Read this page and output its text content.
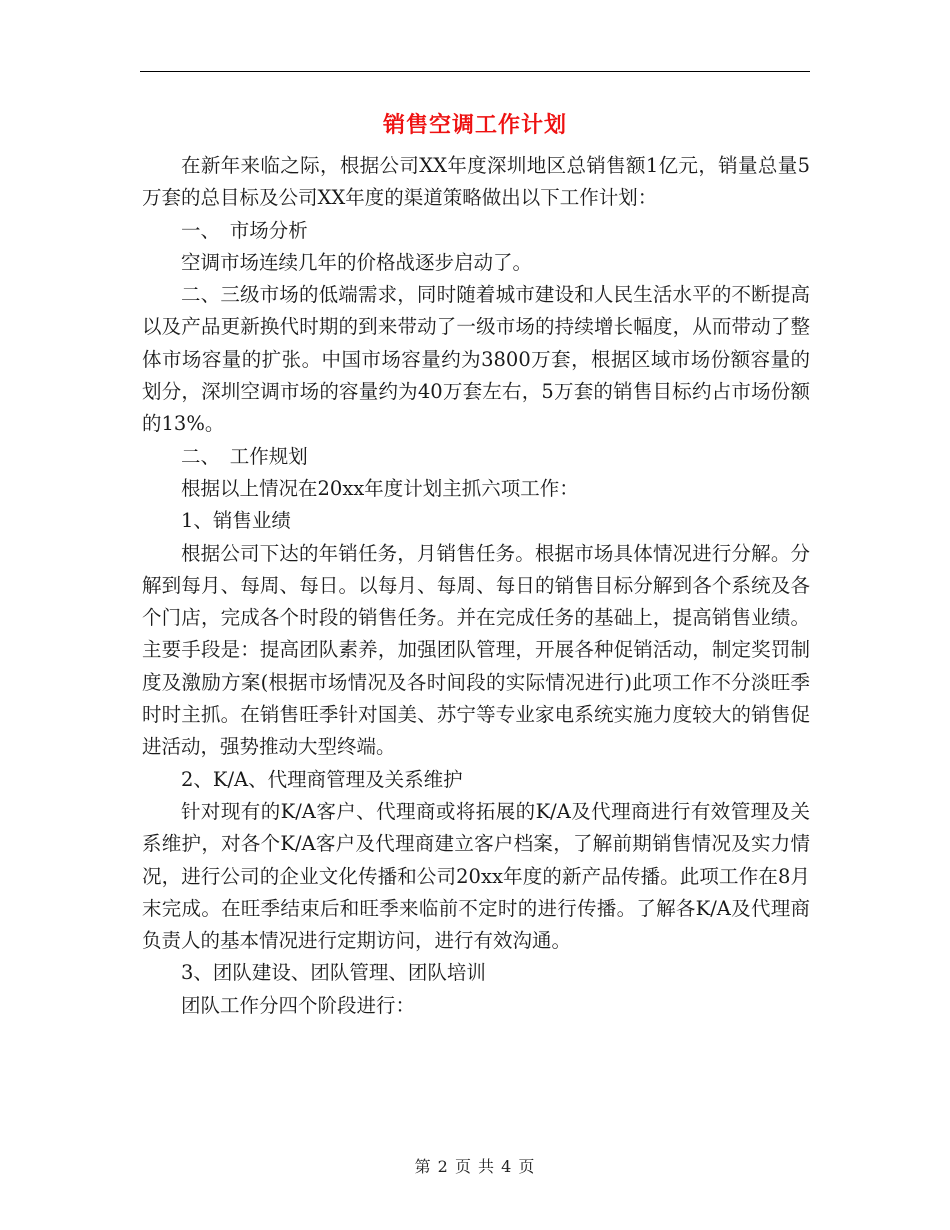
销售空调工作计划

在新年来临之际，根据公司XX年度深圳地区总销售额1亿元，销量总量5万套的总目标及公司XX年度的渠道策略做出以下工作计划：

一、　市场分析

空调市场连续几年的价格战逐步启动了。

二、三级市场的低端需求，同时随着城市建设和人民生活水平的不断提高以及产品更新换代时期的到来带动了一级市场的持续增长幅度，从而带动了整体市场容量的扩张。中国市场容量约为3800万套，根据区域市场份额容量的划分，深圳空调市场的容量约为40万套左右，5万套的销售目标约占市场份额的13%。

二、　工作规划

根据以上情况在20xx年度计划主抓六项工作：

1、销售业绩

根据公司下达的年销任务，月销售任务。根据市场具体情况进行分解。分解到每月、每周、每日。以每月、每周、每日的销售目标分解到各个系统及各个门店，完成各个时段的销售任务。并在完成任务的基础上，提高销售业绩。主要手段是：提高团队素养，加强团队管理，开展各种促销活动，制定奖罚制度及激励方案(根据市场情况及各时间段的实际情况进行)此项工作不分淡旺季时时主抓。在销售旺季针对国美、苏宁等专业家电系统实施力度较大的销售促进活动，强势推动大型终端。

2、K/A、代理商管理及关系维护

针对现有的K/A客户、代理商或将拓展的K/A及代理商进行有效管理及关系维护，对各个K/A客户及代理商建立客户档案，了解前期销售情况及实力情况，进行公司的企业文化传播和公司20xx年度的新产品传播。此项工作在8月末完成。在旺季结束后和旺季来临前不定时的进行传播。了解各K/A及代理商负责人的基本情况进行定期访问，进行有效沟通。

3、团队建设、团队管理、团队培训

团队工作分四个阶段进行：

第 2 页 共 4 页
